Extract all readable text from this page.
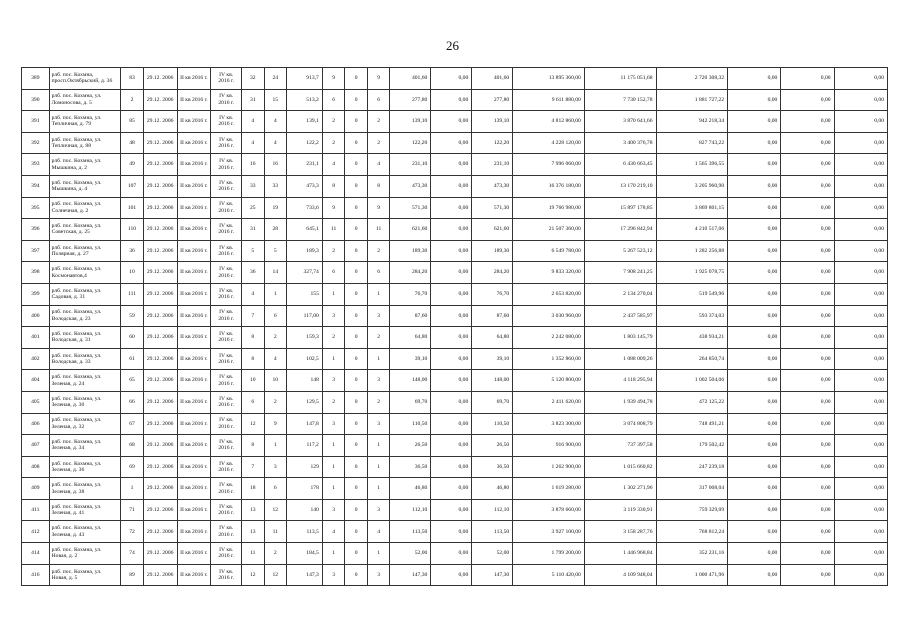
26
389	рлб. пос. Кохмна, просп.Октябрьский, д. 36	83	29.12. 2006	II кв 2016 г.	IV кв. 2016 г.	32	24	913,7	9	0	9	401,60	0,00	401,60	13 895 360,00	11 175 051,68	2 720 308,32	0,00	0,00	0,00
390	рлб. пос. Кохмна, ул. Ломоносова, д. 5	2	29.12. 2006	II кв 2016 г.	IV кв. 2016 г.	31	15	513,2	6	0	6	277,80	0,00	277,80	9 611 880,00	7 730 152,78	1 881 727,22	0,00	0,00	0,00
391	рлб. пос. Кохмна, ул. Тепличная, д. 79	85	29.12. 2006	II кв 2016 г.	IV кв. 2016 г.	4	4	139,1	2	0	2	139,10	0,00	139,10	4 812 860,00	3 870 641,66	942 218,34	0,00	0,00	0,00
392	рлб. пос. Кохмна, ул. Тепличная, д. 88	48	29.12. 2006	II кв 2016 г.	IV кв. 2016 г.	4	4	122,2	2	0	2	122,20	0,00	122,20	4 228 120,00	3 400 376,78	827 743,22	0,00	0,00	0,00
393	рлб. пос. Кохмна, ул. Мышкина, д. 2	49	29.12. 2006	II кв 2016 г.	IV кв. 2016 г.	16	16	231,1	4	0	4	231,10	0,00	231,10	7 996 060,00	6 430 663,45	1 565 396,55	0,00	0,00	0,00
394	рлб. пос. Кохмна, ул. Мышкина, д. 4	107	29.12. 2006	II кв 2016 г.	IV кв. 2016 г.	33	33	473,3	8	0	8	473,30	0,00	473,30	16 376 180,00	13 170 219,10	3 205 960,90	0,00	0,00	0,00
395	рлб. пос. Кохмна, ул. Солнечная, д. 2	101	29.12. 2006	II кв 2016 г.	IV кв. 2016 г.	25	19	733,6	9	0	9	571,30	0,00	571,30	19 766 980,00	15 897 178,85	3 869 801,15	0,00	0,00	0,00
396	рлб. пос. Кохмна, ул. Советская, д. 25	110	29.12. 2006	II кв 2016 г.	IV кв. 2016 г.	31	28	645,1	11	0	11	621,60	0,00	621,60	21 507 360,00	17 296 842,94	4 210 517,06	0,00	0,00	0,00
397	рлб. пос. Кохмна, ул. Полярная, д. 27	36	29.12. 2006	II кв 2016 г.	IV кв. 2016 г.	5	5	189,3	2	0	2	189,30	0,00	189,30	6 549 780,00	5 267 523,12	1 282 256,88	0,00	0,00	0,00
398	рлб. пос. Кохмна, ул. Космонавтов,4	10	29.12. 2006	II кв 2016 г.	IV кв. 2016 г.	36	14	327,74	6	0	6	284,20	0,00	284,20	9 833 320,00	7 908 241,25	1 925 078,75	0,00	0,00	0,00
399	рлб. пос. Кохмна, ул. Садовая, д. 31	111	29.12. 2006	II кв 2016 г.	IV кв. 2016 г.	4	1	155	1	0	1	76,70	0,00	76,70	2 653 820,00	2 134 270,04	519 549,96	0,00	0,00	0,00
400	рлб. пос. Кохмна, ул. Володская, д. 23	59	29.12. 2006	II кв 2016 г.	IV кв. 2016 г.	7	6	117,00	3	0	3	87,60	0,00	87,60	3 030 960,00	2 437 585,97	593 374,03	0,00	0,00	0,00
401	рлб. пос. Кохмна, ул. Володская, д. 31	60	29.12. 2006	II кв 2016 г.	IV кв. 2016 г.	8	2	159,3	2	0	2	64,80	0,00	64,80	2 242 080,00	1 803 145,79	438 934,21	0,00	0,00	0,00
402	рлб. пос. Кохмна, ул. Володская, д. 33	61	29.12. 2006	II кв 2016 г.	IV кв. 2016 г.	8	4	102,5	1	0	1	39,10	0,00	39,10	1 352 860,00	1 088 009,26	264 850,74	0,00	0,00	0,00
404	рлб. пос. Кохмна, ул. Зеленая, д. 24	65	29.12. 2006	II кв 2016 г.	IV кв. 2016 г.	10	10	148	3	0	3	148,00	0,00	148,00	5 120 800,00	4 118 295,94	1 002 504,06	0,00	0,00	0,00
405	рлб. пос. Кохмна, ул. Зеленая, д. 30	66	29.12. 2006	II кв 2016 г.	IV кв. 2016 г.	6	2	129,5	2	0	2	69,70	0,00	69,70	2 411 620,00	1 939 494,78	472 125,22	0,00	0,00	0,00
406	рлб. пос. Кохмна, ул. Зеленая, д. 32	67	29.12. 2006	II кв 2016 г.	IV кв. 2016 г.	12	9	147,8	3	0	3	110,50	0,00	110,50	3 823 300,00	3 074 808,79	748 491,21	0,00	0,00	0,00
407	рлб. пос. Кохмна, ул. Зеленая, д. 34	68	29.12. 2006	II кв 2016 г.	IV кв. 2016 г.	8	1	117,2	1	0	1	26,50	0,00	26,50	916 900,00	737 397,58	179 502,42	0,00	0,00	0,00
408	рлб. пос. Кохмна, ул. Зеленая, д. 36	69	29.12. 2006	II кв 2016 г.	IV кв. 2016 г.	7	3	129	1	0	1	36,50	0,00	36,50	1 262 900,00	1 015 660,82	247 239,18	0,00	0,00	0,00
409	рлб. пос. Кохмна, ул. Зеленая, д. 38	1	29.12. 2006	II кв 2016 г.	IV кв. 2016 г.	18	6	178	1	0	1	46,80	0,00	46,80	1 619 280,00	1 302 271,96	317 008,04	0,00	0,00	0,00
411	рлб. пос. Кохмна, ул. Зеленая, д. 41	71	29.12. 2006	II кв 2016 г.	IV кв. 2016 г.	13	12	140	3	0	3	112,10	0,00	112,10	3 878 660,00	3 119 330,91	759 329,09	0,00	0,00	0,00
412	рлб. пос. Кохмна, ул. Зеленая, д. 43	72	29.12. 2006	II кв 2016 г.	IV кв. 2016 г.	13	11	113,5	4	0	4	113,50	0,00	113,50	3 927 100,00	3 158 287,76	768 812,24	0,00	0,00	0,00
414	рлб. пос. Кохмна, ул. Новая, д. 2	74	29.12. 2006	II кв 2016 г.	IV кв. 2016 г.	11	2	184,5	1	0	1	52,00	0,00	52,00	1 799 200,00	1 446 968,84	352 231,16	0,00	0,00	0,00
416	рлб. пос. Кохмна, ул. Новая, д. 5	89	29.12. 2006	II кв 2016 г.	IV кв. 2016 г.	12	12	147,3	3	0	3	147,30	0,00	147,30	5 110 420,00	4 109 948,04	1 000 471,96	0,00	0,00	0,00
